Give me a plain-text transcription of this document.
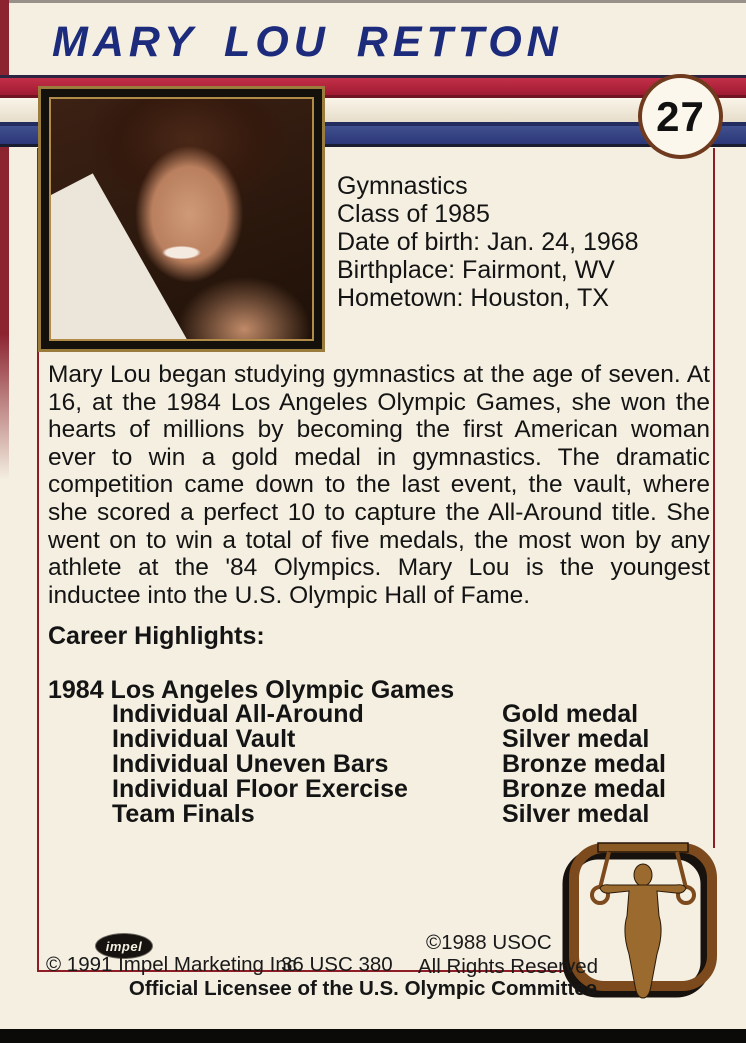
MARY LOU RETTON
27
Gymnastics
Class of 1985
Date of birth: Jan. 24, 1968
Birthplace: Fairmont, WV
Hometown: Houston, TX

Mary Lou began studying gymnastics at the age of seven. At 16, at the 1984 Los Angeles Olympic Games, she won the hearts of millions by becoming the first American woman ever to win a gold medal in gymnastics. The dramatic competition came down to the last event, the vault, where she scored a perfect 10 to capture the All-Around title. She went on to win a total of five medals, the most won by any athlete at the '84 Olympics. Mary Lou is the youngest inductee into the U.S. Olympic Hall of Fame.

Career Highlights:
1984 Los Angeles Olympic Games
Individual All-Around	Gold medal
Individual Vault	Silver medal
Individual Uneven Bars	Bronze medal
Individual Floor Exercise	Bronze medal
Team Finals	Silver medal
impel
© 1991 Impel Marketing Inc.
36 USC 380
©1988 USOC
All Rights Reserved
Official Licensee of the U.S. Olympic Committee
